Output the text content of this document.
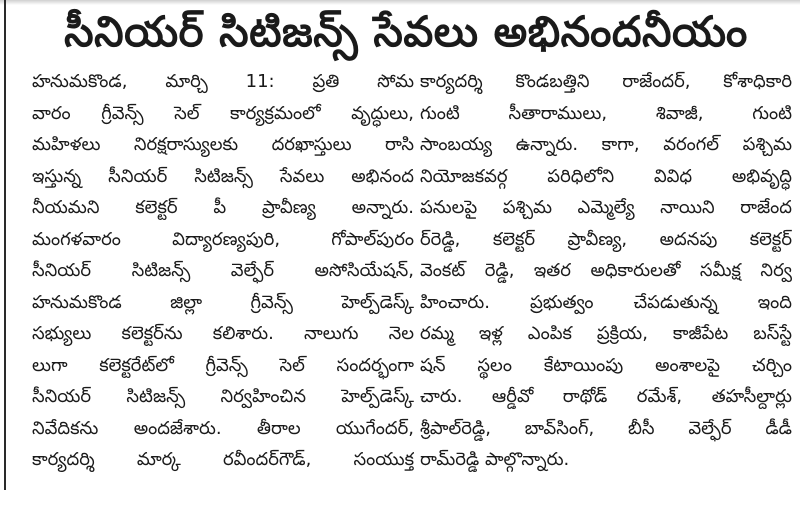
సీనియర్ సిటిజన్స్ సేవలు అభినందనీయం
హనుమకొండ, మార్చి 11: ప్రతి సోమ
వారం గ్రీవెన్స్ సెల్ కార్యక్రమంలో వృద్ధులు,
మహిళలు నిరక్షరాస్యులకు దరఖాస్తులు రాసి
ఇస్తున్న సీనియర్ సిటిజన్స్ సేవలు అభినంద
నీయమని కలెక్టర్ పీ ప్రావీణ్య అన్నారు.
మంగళవారం విద్యారణ్యపురి, గోపాల్‌పురం
సీనియర్ సిటిజన్స్ వెల్ఫేర్ అసోసియేషన్,
హనుమకొండ జిల్లా గ్రీవెన్స్ హెల్ప్‌డెస్క్
సభ్యులు కలెక్టర్‌ను కలిశారు. నాలుగు నెల
లుగా కలెక్టరేట్‌లో గ్రీవెన్స్ సెల్ సందర్భంగా
సీనియర్ సిటిజన్స్ నిర్వహించిన హెల్ప్‌డెస్క్
నివేదికను అందజేశారు. తీరాల యుగేందర్,
కార్యదర్శి మార్క రవీందర్‌గౌడ్, సంయుక్త
కార్యదర్శి కొండబత్తిని రాజేందర్, కోశాధికారి
గుంటి సీతారాములు, శివాజీ, గుంటి
సాంబయ్య ఉన్నారు. కాగా, వరంగల్ పశ్చిమ
నియోజకవర్గ పరిధిలోని వివిధ అభివృద్ధి
పనులపై పశ్చిమ ఎమ్మెల్యే నాయిని రాజేంద
ర్‌రెడ్డి, కలెక్టర్ ప్రావీణ్య, అదనపు కలెక్టర్
వెంకట్ రెడ్డి, ఇతర అధికారులతో సమీక్ష నిర్వ
హించారు. ప్రభుత్వం చేపడుతున్న ఇంది
రమ్మ ఇళ్ల ఎంపిక ప్రక్రియ, కాజీపేట బస్‌స్టే
షన్ స్థలం కేటాయింపు అంశాలపై చర్చిం
చారు. ఆర్డీవో రాథోడ్ రమేశ్, తహసీల్దార్లు
శ్రీపాల్‌రెడ్డి, బావ్‌సింగ్, బీసీ వెల్ఫేర్ డీడీ
రామ్‌రెడ్డి పాల్గొన్నారు.
